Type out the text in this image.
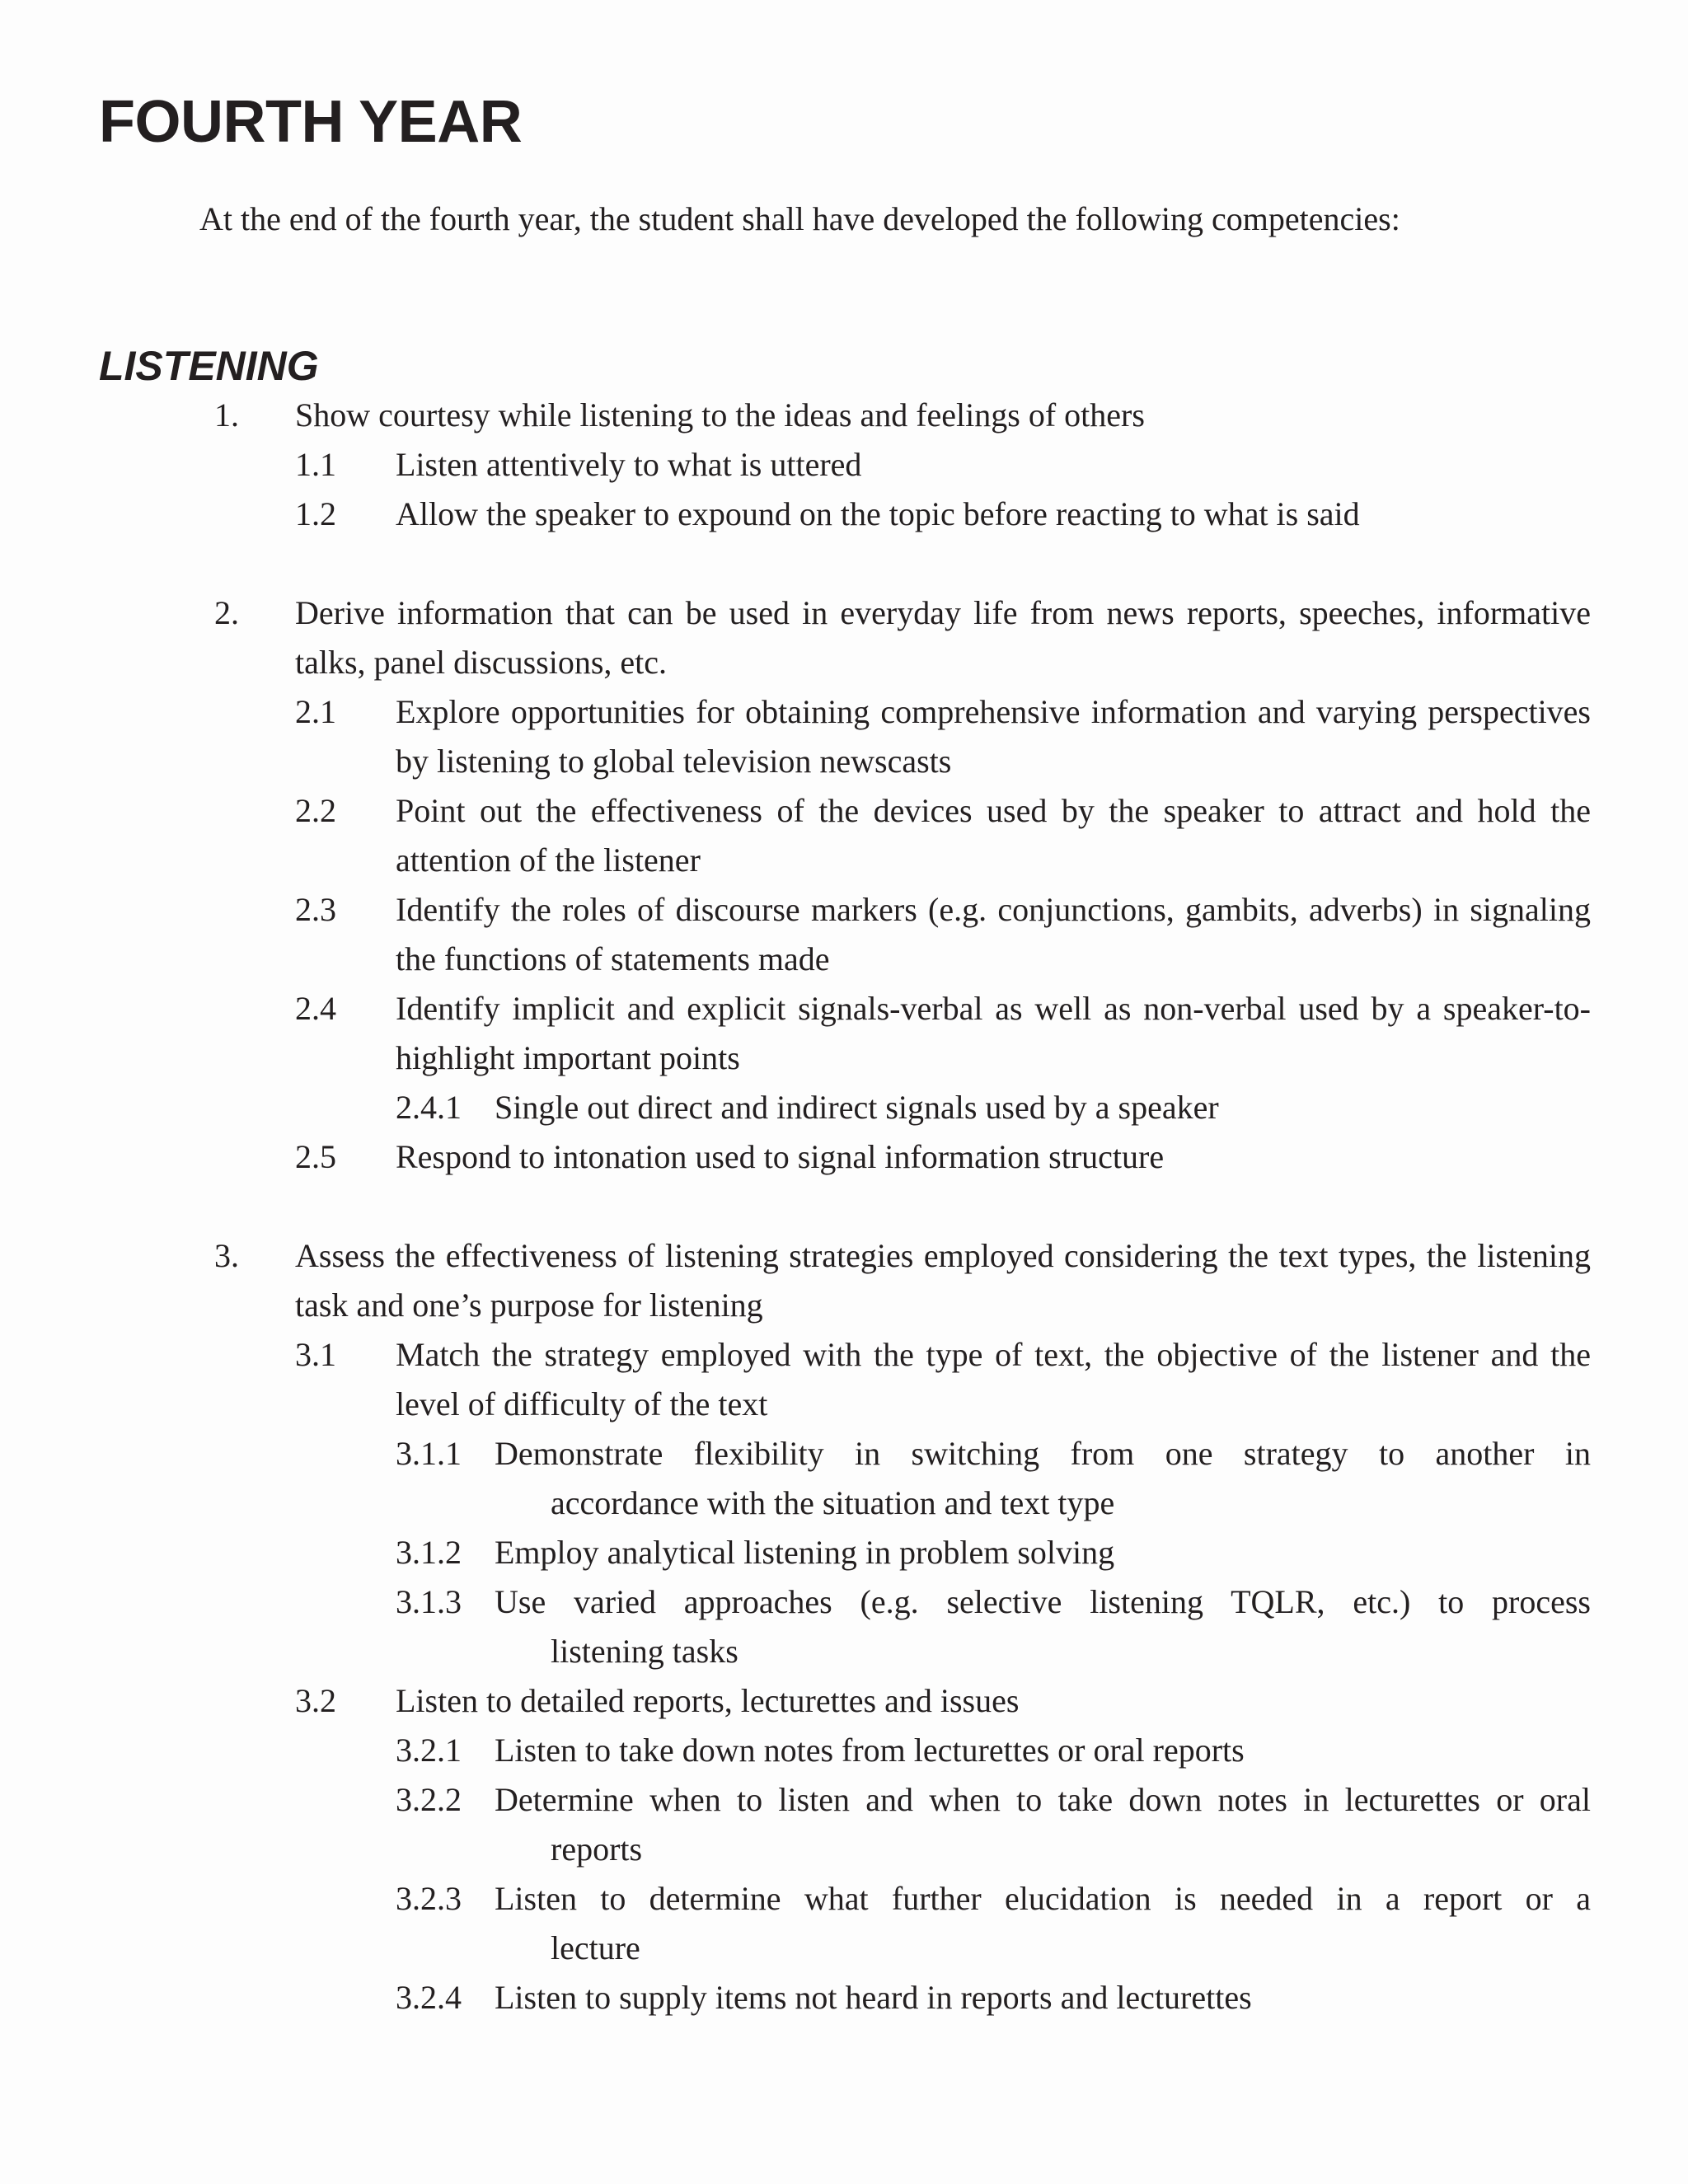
FOURTH YEAR

At the end of the fourth year, the student shall have developed the following competencies:

LISTENING
1.	Show courtesy while listening to the ideas and feelings of others
1.1	Listen attentively to what is uttered
1.2	Allow the speaker to expound on the topic before reacting to what is said
2.	Derive information that can be used in everyday life from news reports, speeches, informative talks, panel discussions, etc.
2.1	Explore opportunities for obtaining comprehensive information and varying perspectives by listening to global television newscasts
2.2	Point out the effectiveness of the devices used by the speaker to attract and hold the attention of the listener
2.3	Identify the roles of discourse markers (e.g. conjunctions, gambits, adverbs) in signaling the functions of statements made
2.4	Identify implicit and explicit signals-verbal as well as non-verbal used by a speaker-to-highlight important points
2.4.1	Single out direct and indirect signals used by a speaker
2.5	Respond to intonation used to signal information structure
3.	Assess the effectiveness of listening strategies employed considering the text types, the listening task and one’s purpose for listening
3.1	Match the strategy employed with the type of text, the objective of the listener and the level of difficulty of the text
3.1.1	Demonstrate flexibility in switching from one strategy to another in
accordance with the situation and text type
3.1.2	Employ analytical listening in problem solving
3.1.3	Use varied approaches (e.g. selective listening TQLR, etc.) to process
listening tasks
3.2	Listen to detailed reports, lecturettes and issues
3.2.1	Listen to take down notes from lecturettes or oral reports
3.2.2	Determine when to listen and when to take down notes in lecturettes or oral
reports
3.2.3	Listen to determine what further elucidation is needed in a report or a
lecture
3.2.4	Listen to supply items not heard in reports and lecturettes
